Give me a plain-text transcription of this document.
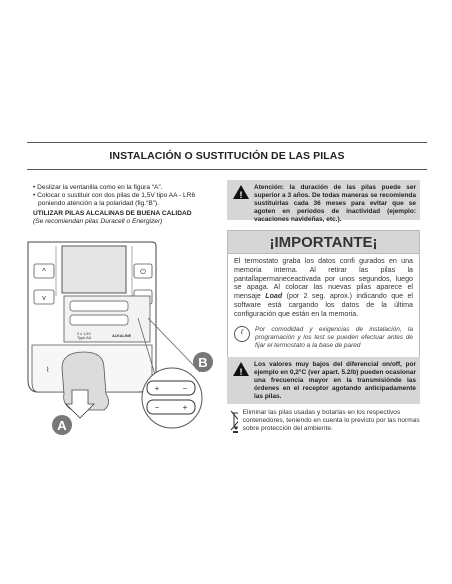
INSTALACIÓN O SUSTITUCIÓN DE LAS PILAS
• Deslizar la ventanilla como en la figura “A”.
• Colocar o sustituir con dos pilas de 1,5V tipo AA - LR6
poniendo atención a la polaridad (fig.“B”).
UTILIZAR PILAS ALCALINAS DE BUENA CALIDAD
(Se recomiendan pilas Duracell o Energizer)
^
v
⏻
2 x 1,5V
Type AA	ALKALINE
⌇
A
+	−
−	+
B
!
Atención: la duración de las pilas puede ser superior a 3 años. De todas maneras se recomienda sustituirlas cada 36 meses para evitar que se agoten en periodos de inactividad (ejemplo: vacaciones navideñas, etc.).
¡IMPORTANTE¡
El termostato graba los datos confi gurados en una memoria interna. Al retirar las pilas la pantallapermaneceactivada por unos segundos, luego se apaga. Al colocar las nuevas pilas aparece el mensaje Load (por 2 seg. aprox.) indicando que el software está cargando los datos de la última configuración que están en la memoria.
ℓ
Por comodidad y exigencias de instalación, la programación y los test se pueden efectuar antes de fijar el termostato a la base de pared
!
Los valores muy bajos del diferencial on/off, por ejemplo en 0,2°C (ver apart. 5.2/b) pueden ocasionar una frecuencia mayor en la transmisiónde las órdenes en el receptor agotando anticipadamente las pilas.
Eliminar las pilas usadas y botarlas en los respectivos contenedores, teniendo en cuenta lo previsto por las normas sobre protección del ambiente.
